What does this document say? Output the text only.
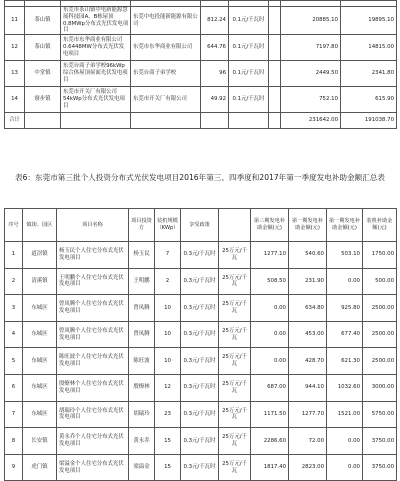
11	茶山镇	东莞市茶山镇中电新能源慧展科技园A、B栋屋顶0.8MWp分布式光伏发电项目	东莞中电投能新能源有限公司	812.24	0.1元/千瓦时		20885.10	19895.10
12	茶山镇	东莞市东华商业有限公司0.6448MW分布式光伏发电项目	东莞市东华商业有限公司	644.76	0.1元/千瓦时		7197.80	14815.00
13	中堂镇	东莞台商子弟学校96kWp综合体屋顶屋面光伏发电项目	东莞台商子弟学校	96	0.1元/千瓦时		2449.50	2341.80
14	寮步镇	东莞市开关厂有限公司54kWp分布式光伏发电项目	东莞市开关厂有限公司	49.92	0.1元/千瓦时		752.10	615.90
合计							231642.00	191038.70
表6：东莞市第三批个人投资分布式光伏发电项目2016年第三、四季度和2017年第一季度发电补助金额汇总表
序号	镇街、园区	项目名称	项目投资方	装机规模（KWp）	享受政策		第三期发电补助金额(元)	第一期发电补助金额(元)	第一期发电补助金额(元)	装机补助金额(元)
1	道滘镇	杨玉民个人住宅分布式光伏发电项目	杨玉民	7	0.3元/千瓦时	25万元/千瓦	1277.10	540.60	503.10	1750.00
2	清溪镇	王明鹏个人住宅分布式光伏发电项目	王明鹏	2	0.3元/千瓦时	25万元/千瓦	508.50	231.90	0.00	500.00
3	东城区	曾凤腾个人住宅分布式光伏发电项目	曾凤腾	10	0.3元/千瓦时	25万元/千瓦	0.00	634.80	925.80	2500.00
4	东城区	曾凤腾个人住宅分布式光伏发电项目	曾凤腾	10	0.3元/千瓦时	25万元/千瓦	0.00	453.00	677.40	2500.00
5	东城区	陈旺波个人住宅分布式光伏发电项目	陈旺波	10	0.3元/千瓦时	25万元/千瓦	0.00	428.70	621.30	2500.00
6	东城区	殷燎林个人住宅分布式光伏发电项目	殷燎林	12	0.3元/千瓦时	25万元/千瓦	687.00	944.10	1032.60	3000.00
7	东城区	胡瑞玲个人住宅分布式光伏发电项目	胡瑞玲	23	0.3元/千瓦时	25万元/千瓦	1171.50	1277.70	1521.00	5750.00
8	长安镇	黄永乔个人住宅分布式光伏发电项目	黄永乔	15	0.3元/千瓦时	25万元/千瓦	2286.60	72.00	0.00	3750.00
9	虎门镇	梁溢金个人住宅分布式光伏发电项目	梁溢金	15	0.3元/千瓦时	25万元/千瓦	1817.40	2823.00	0.00	3750.00
